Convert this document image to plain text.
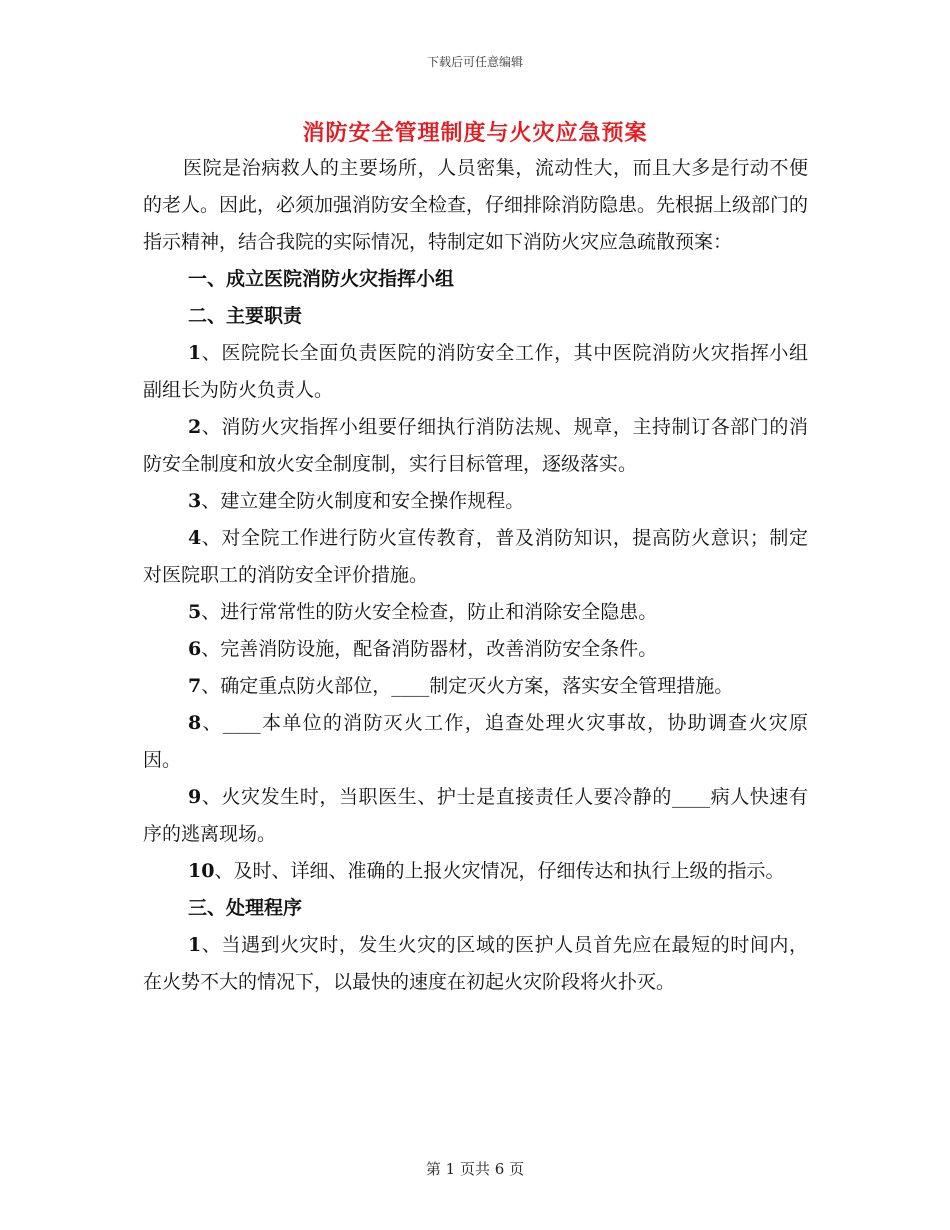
下载后可任意编辑
消防安全管理制度与火灾应急预案

医院是治病救人的主要场所，人员密集，流动性大，而且大多是行动不便的老人。因此，必须加强消防安全检查，仔细排除消防隐患。先根据上级部门的指示精神，结合我院的实际情况，特制定如下消防火灾应急疏散预案：

一、成立医院消防火灾指挥小组

二、主要职责

1、医院院长全面负责医院的消防安全工作，其中医院消防火灾指挥小组副组长为防火负责人。

2、消防火灾指挥小组要仔细执行消防法规、规章，主持制订各部门的消防安全制度和放火安全制度制，实行目标管理，逐级落实。

3、建立建全防火制度和安全操作规程。

4、对全院工作进行防火宣传教育，普及消防知识，提高防火意识；制定对医院职工的消防安全评价措施。

5、进行常常性的防火安全检查，防止和消除安全隐患。

6、完善消防设施，配备消防器材，改善消防安全条件。

7、确定重点防火部位，____制定灭火方案，落实安全管理措施。

8、____本单位的消防灭火工作，追查处理火灾事故，协助调查火灾原因。

9、火灾发生时，当职医生、护士是直接责任人要冷静的____病人快速有序的逃离现场。

10、及时、详细、准确的上报火灾情况，仔细传达和执行上级的指示。

三、处理程序

1、当遇到火灾时，发生火灾的区域的医护人员首先应在最短的时间内，在火势不大的情况下，以最快的速度在初起火灾阶段将火扑灭。

第 1 页共 6 页
